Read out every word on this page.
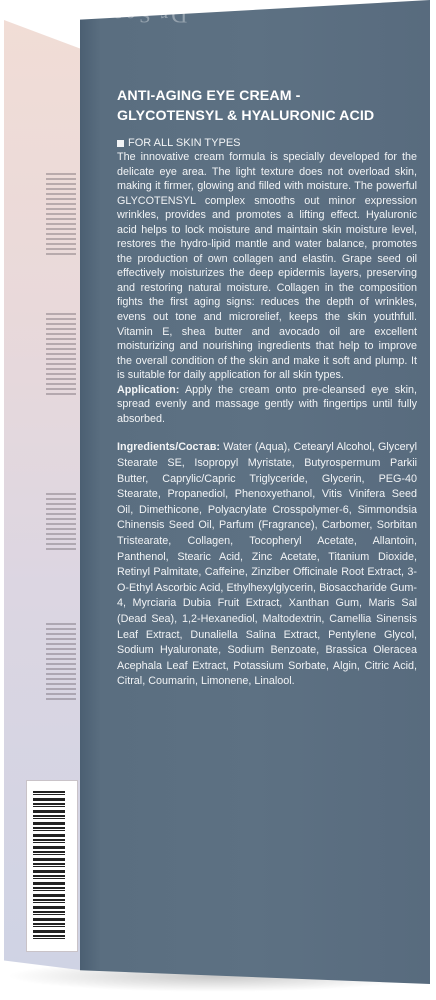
Dr.Sea
ANTI-AGING EYE CREAM -
GLYCOTENSYL & HYALURONIC ACID

FOR ALL SKIN TYPES

The innovative cream formula is specially developed for the delicate eye area. The light texture does not overload skin, making it firmer, glowing and filled with moisture. The powerful GLYCOTENSYL complex smooths out minor expression wrinkles, provides and promotes a lifting effect. Hyaluronic acid helps to lock moisture and maintain skin moisture level, restores the hydro-lipid mantle and water balance, promotes the production of own collagen and elastin. Grape seed oil effectively moisturizes the deep epidermis layers, preserving and restoring natural moisture. Collagen in the composition fights the first aging signs: reduces the depth of wrinkles, evens out tone and microrelief, keeps the skin youthfull. Vitamin E, shea butter and avocado oil are excellent moisturizing and nourishing ingredients that help to improve the overall condition of the skin and make it soft and plump. It is suitable for daily application for all skin types.

Application: Apply the cream onto pre-cleansed eye skin, spread evenly and massage gently with fingertips until fully absorbed.

Ingredients/Состав: Water (Aqua), Cetearyl Alcohol, Glyceryl Stearate SE, Isopropyl Myristate, Butyrospermum Parkii Butter, Caprylic/Capric Triglyceride, Glycerin, PEG-40 Stearate, Propanediol, Phenoxyethanol, Vitis Vinifera Seed Oil, Dimethicone, Polyacrylate Crosspolymer-6, Simmondsia Chinensis Seed Oil, Parfum (Fragrance), Carbomer, Sorbitan Tristearate, Collagen, Tocopheryl Acetate, Allantoin, Panthenol, Stearic Acid, Zinc Acetate, Titanium Dioxide, Retinyl Palmitate, Caffeine, Zinziber Officinale Root Extract, 3-O-Ethyl Ascorbic Acid, Ethylhexylglycerin, Biosaccharide Gum-4, Myrciaria Dubia Fruit Extract, Xanthan Gum, Maris Sal (Dead Sea), 1,2-Hexanediol, Maltodextrin, Camellia Sinensis Leaf Extract, Dunaliella Salina Extract, Pentylene Glycol, Sodium Hyaluronate, Sodium Benzoate, Brassica Oleracea Acephala Leaf Extract, Potassium Sorbate, Algin, Citric Acid, Citral, Coumarin, Limonene, Linalool.
